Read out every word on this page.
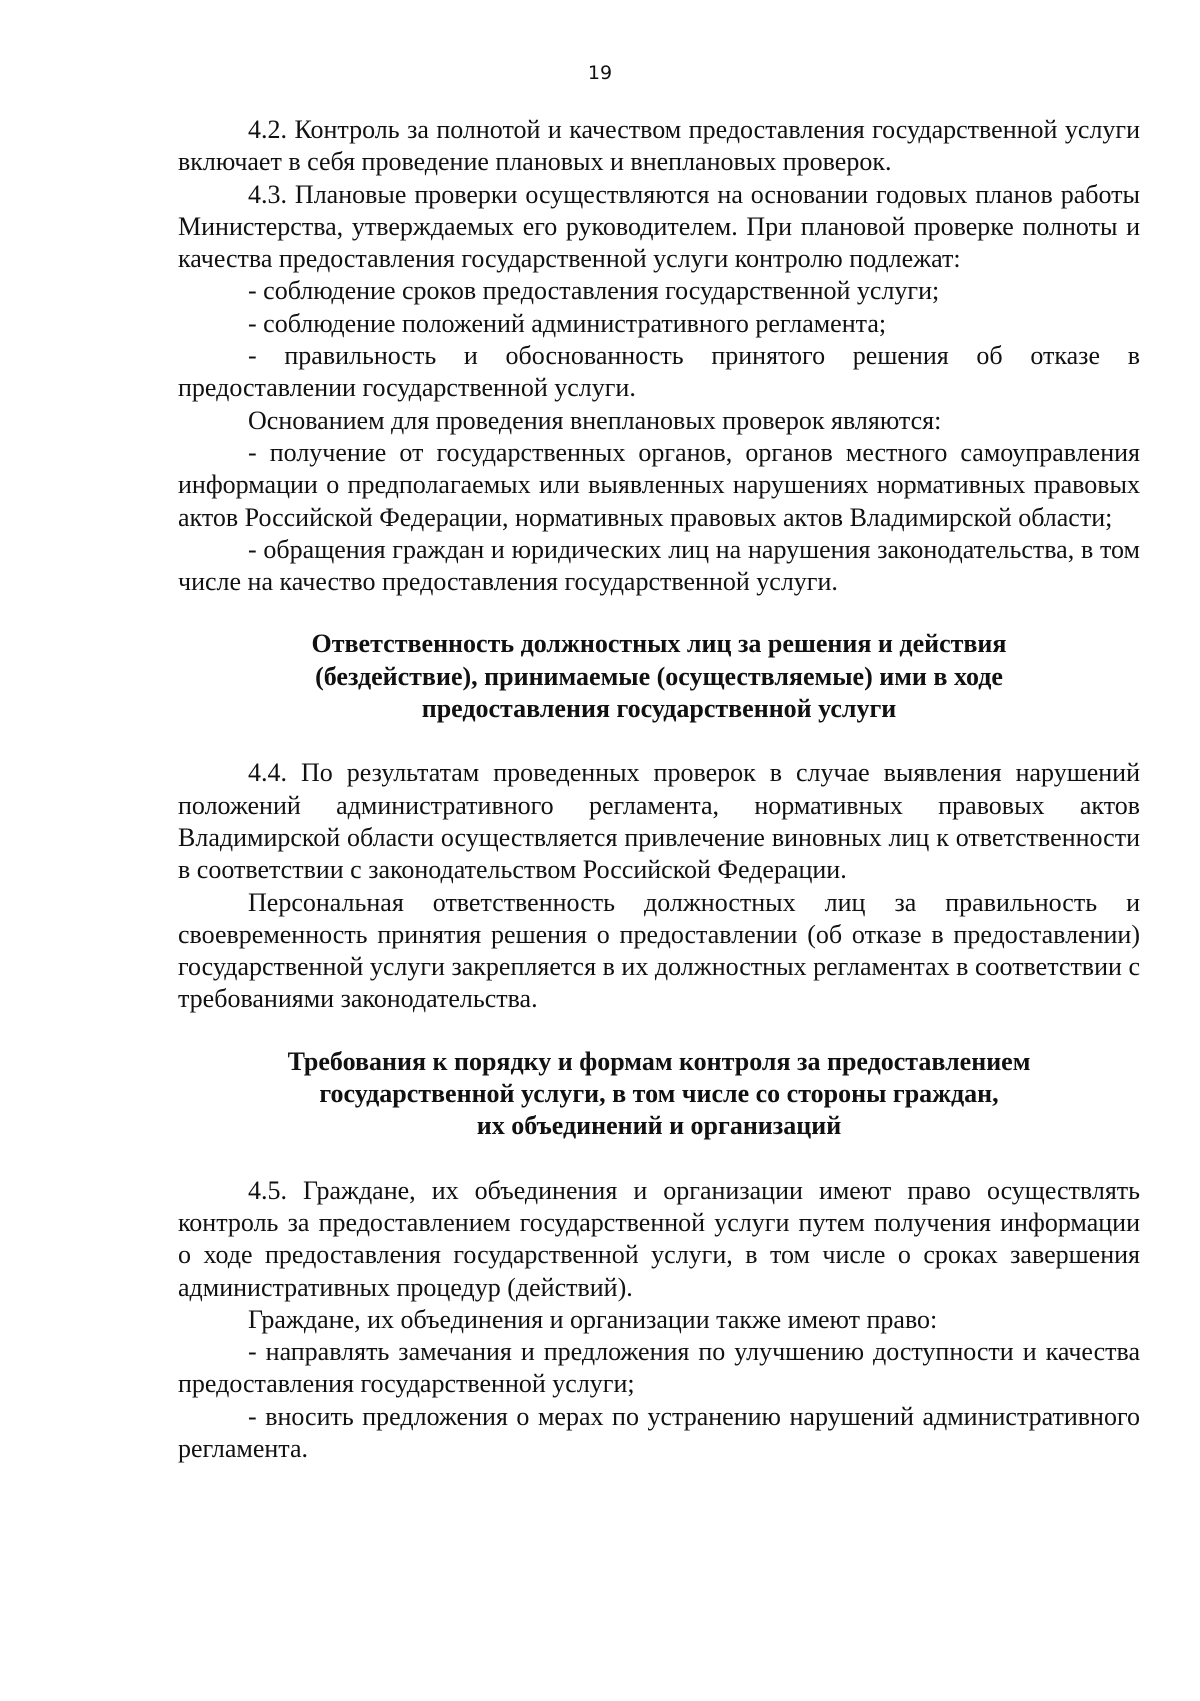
19

4.2. Контроль за полнотой и качеством предоставления государственной услуги включает в себя проведение плановых и внеплановых проверок.

4.3. Плановые проверки осуществляются на основании годовых планов работы Министерства, утверждаемых его руководителем. При плановой проверке полноты и качества предоставления государственной услуги контролю подлежат:

- соблюдение сроков предоставления государственной услуги;

- соблюдение положений административного регламента;

- правильность и обоснованность принятого решения об отказе в предоставлении государственной услуги.

Основанием для проведения внеплановых проверок являются:

- получение от государственных органов, органов местного самоуправления информации о предполагаемых или выявленных нарушениях нормативных правовых актов Российской Федерации, нормативных правовых актов Владимирской области;

- обращения граждан и юридических лиц на нарушения законодательства, в том числе на качество предоставления государственной услуги.

Ответственность должностных лиц за решения и действия
(бездействие), принимаемые (осуществляемые) ими в ходе
предоставления государственной услуги

4.4. По результатам проведенных проверок в случае выявления нарушений положений административного регламента, нормативных правовых актов Владимирской области осуществляется привлечение виновных лиц к ответственности в соответствии с законодательством Российской Федерации.

Персональная ответственность должностных лиц за правильность и своевременность принятия решения о предоставлении (об отказе в предоставлении) государственной услуги закрепляется в их должностных регламентах в соответствии с требованиями законодательства.

Требования к порядку и формам контроля за предоставлением
государственной услуги, в том числе со стороны граждан,
их объединений и организаций

4.5. Граждане, их объединения и организации имеют право осуществлять контроль за предоставлением государственной услуги путем получения информации о ходе предоставления государственной услуги, в том числе о сроках завершения административных процедур (действий).

Граждане, их объединения и организации также имеют право:

- направлять замечания и предложения по улучшению доступности и качества предоставления государственной услуги;

- вносить предложения о мерах по устранению нарушений административного регламента.
